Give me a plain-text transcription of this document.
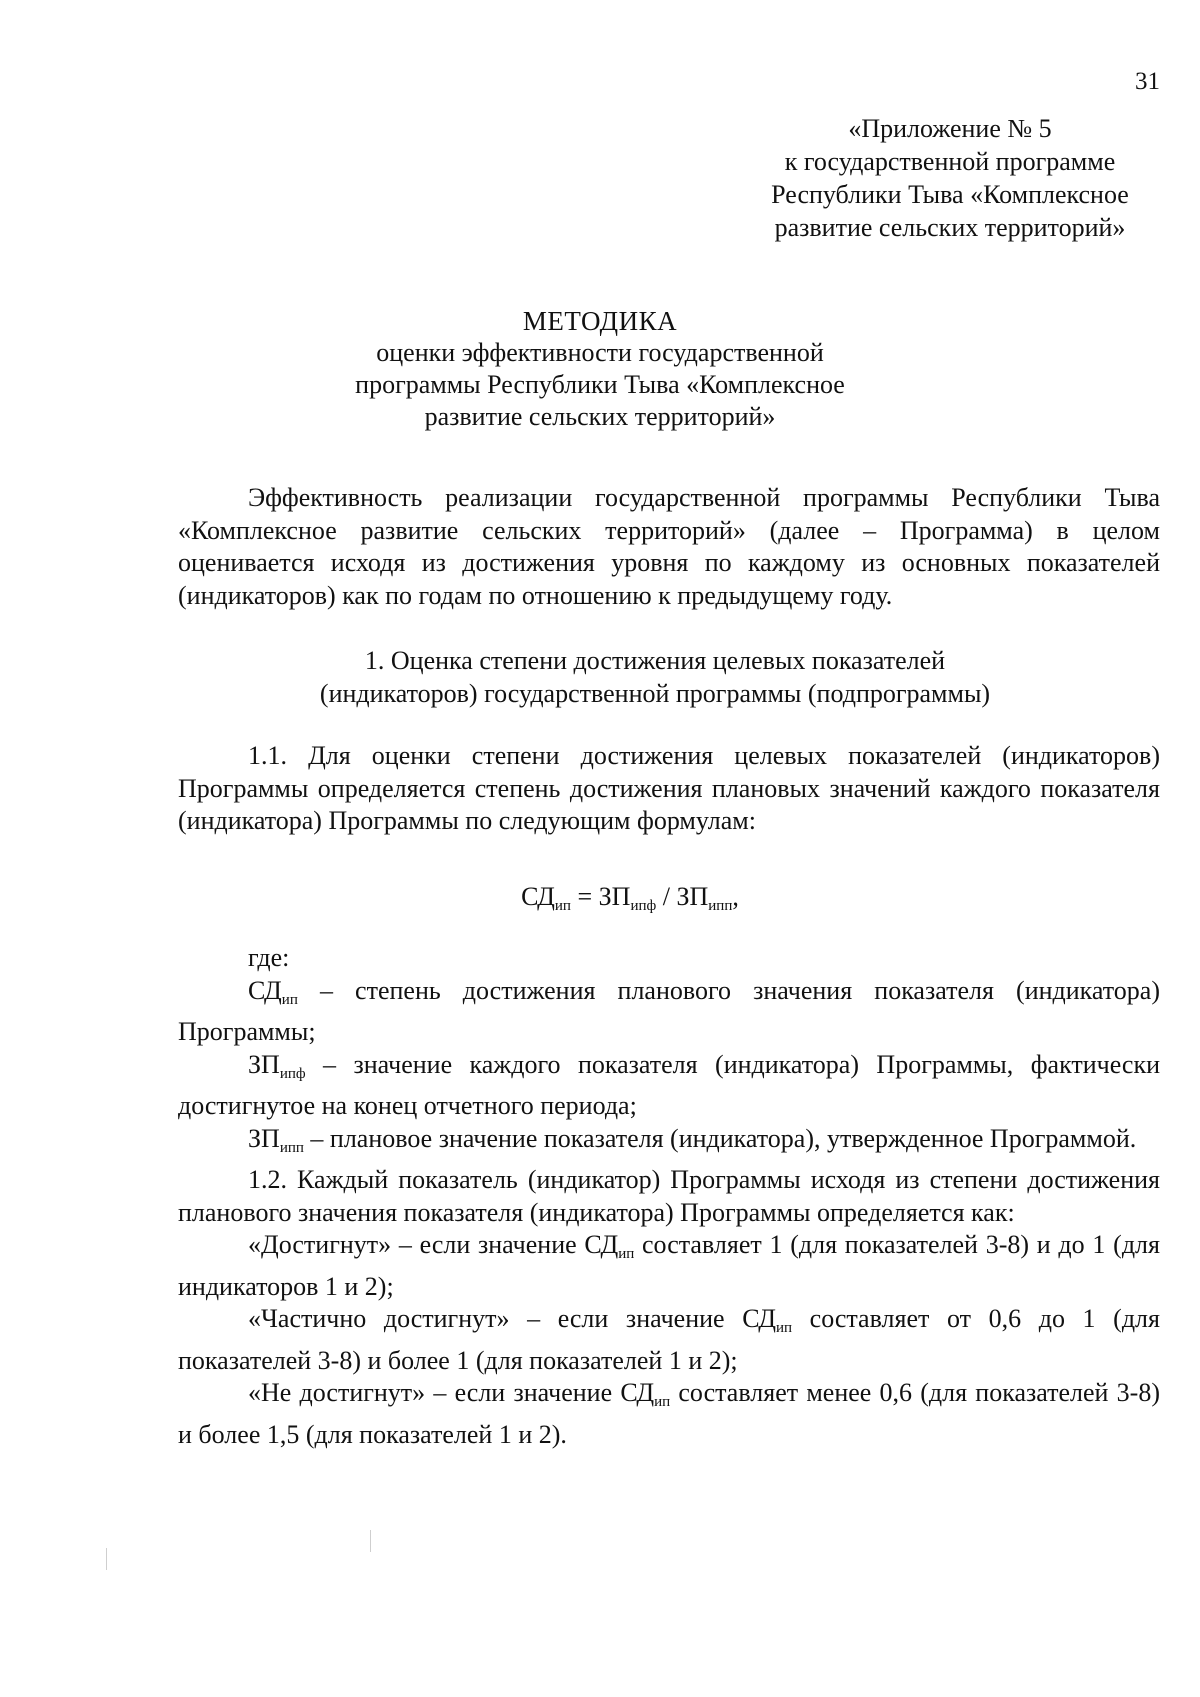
31
«Приложение № 5
к государственной программе
Республики Тыва «Комплексное
развитие сельских территорий»
МЕТОДИКА
оценки эффективности государственной
программы Республики Тыва «Комплексное
развитие сельских территорий»

Эффективность реализации государственной программы Республики Тыва «Комплексное развитие сельских территорий» (далее – Программа) в целом оценивается исходя из достижения уровня по каждому из основных показателей (индикаторов) как по годам по отношению к предыдущему году.

1. Оценка степени достижения целевых показателей
(индикаторов) государственной программы (подпрограммы)

1.1. Для оценки степени достижения целевых показателей (индикаторов) Программы определяется степень достижения плановых значений каждого показателя (индикатора) Программы по следующим формулам:

$СД_{ип} = ЗП_{ипф} / ЗП_{ипп}$,

где:

$СД_{ип}$ – степень достижения планового значения показателя (индикатора) Программы;

$ЗП_{ипф}$ – значение каждого показателя (индикатора) Программы, фактически достигнутое на конец отчетного периода;

$ЗП_{ипп}$ – плановое значение показателя (индикатора), утвержденное Программой.

1.2. Каждый показатель (индикатор) Программы исходя из степени достижения планового значения показателя (индикатора) Программы определяется как:

«Достигнут» – если значение $СД_{ип}$ составляет 1 (для показателей 3-8) и до 1 (для индикаторов 1 и 2);

«Частично достигнут» – если значение $СД_{ип}$ составляет от 0,6 до 1 (для показателей 3-8) и более 1 (для показателей 1 и 2);

«Не достигнут» – если значение $СД_{ип}$ составляет менее 0,6 (для показателей 3-8) и более 1,5 (для показателей 1 и 2).
